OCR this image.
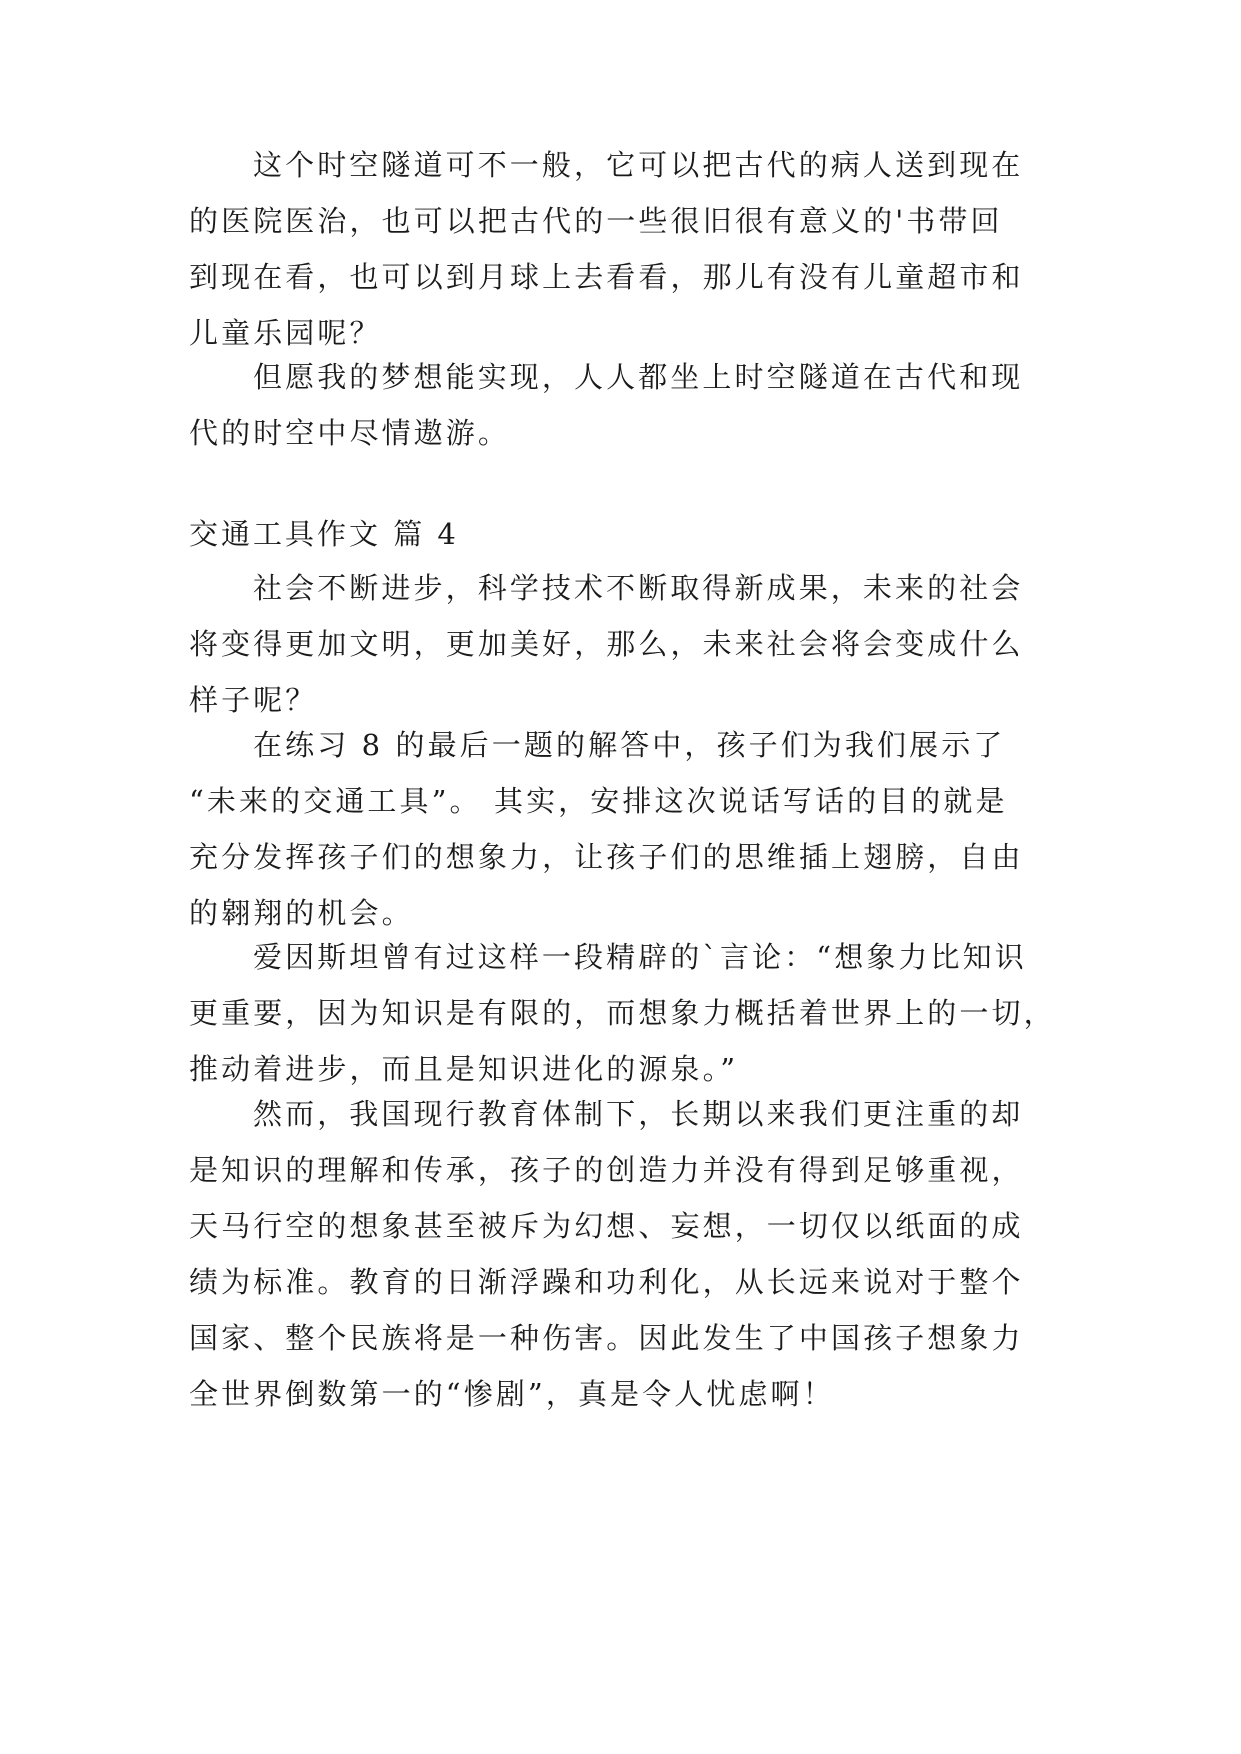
这个时空隧道可不一般，它可以把古代的病人送到现在
的医院医治，也可以把古代的一些很旧很有意义的'书带回
到现在看，也可以到月球上去看看，那儿有没有儿童超市和
儿童乐园呢？
但愿我的梦想能实现，人人都坐上时空隧道在古代和现
代的时空中尽情遨游。
交通工具作文 篇 4
社会不断进步，科学技术不断取得新成果，未来的社会
将变得更加文明，更加美好，那么，未来社会将会变成什么
样子呢？
在练习 8 的最后一题的解答中，孩子们为我们展示了
“未来的交通工具”。 其实，安排这次说话写话的目的就是
充分发挥孩子们的想象力，让孩子们的思维插上翅膀，自由
的翱翔的机会。
爱因斯坦曾有过这样一段精辟的`言论：“想象力比知识
更重要，因为知识是有限的，而想象力概括着世界上的一切，
推动着进步，而且是知识进化的源泉。”
然而，我国现行教育体制下，长期以来我们更注重的却
是知识的理解和传承，孩子的创造力并没有得到足够重视，
天马行空的想象甚至被斥为幻想、妄想，一切仅以纸面的成
绩为标准。教育的日渐浮躁和功利化，从长远来说对于整个
国家、整个民族将是一种伤害。因此发生了中国孩子想象力
全世界倒数第一的“惨剧”，真是令人忧虑啊！
